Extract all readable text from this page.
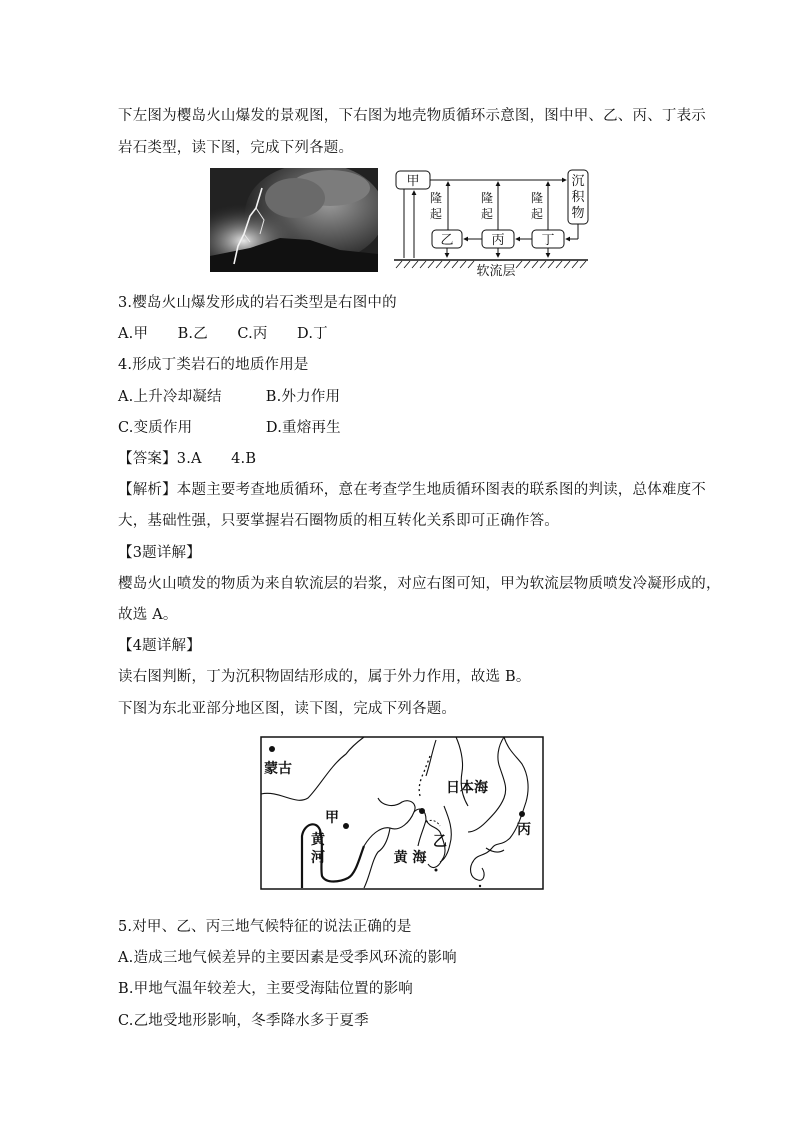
下左图为樱岛火山爆发的景观图，下右图为地壳物质循环示意图，图中甲、乙、丙、丁表示
岩石类型，读下图，完成下列各题。
甲
乙	丙	丁
沉
积
物
隆
起
隆
起
隆
起
软流层
3.樱岛火山爆发形成的岩石类型是右图中的
A.甲　　B.乙　　C.丙　　D.丁
4.形成丁类岩石的地质作用是
A.上升冷却凝结　　　B.外力作用
C.变质作用　　　　　D.重熔再生
【答案】3.A　　4.B
【解析】本题主要考查地质循环，意在考查学生地质循环图表的联系图的判读，总体难度不
大，基础性强，只要掌握岩石圈物质的相互转化关系即可正确作答。
【3题详解】
樱岛火山喷发的物质为来自软流层的岩浆，对应右图可知，甲为软流层物质喷发冷凝形成的，
故选 A。
【4题详解】
读右图判断，丁为沉积物固结形成的，属于外力作用，故选 B。
下图为东北亚部分地区图，读下图，完成下列各题。
蒙古
甲
黄
河
日本海
乙
丙
黄 海
5.对甲、乙、丙三地气候特征的说法正确的是
A.造成三地气候差异的主要因素是受季风环流的影响
B.甲地气温年较差大，主要受海陆位置的影响
C.乙地受地形影响，冬季降水多于夏季
